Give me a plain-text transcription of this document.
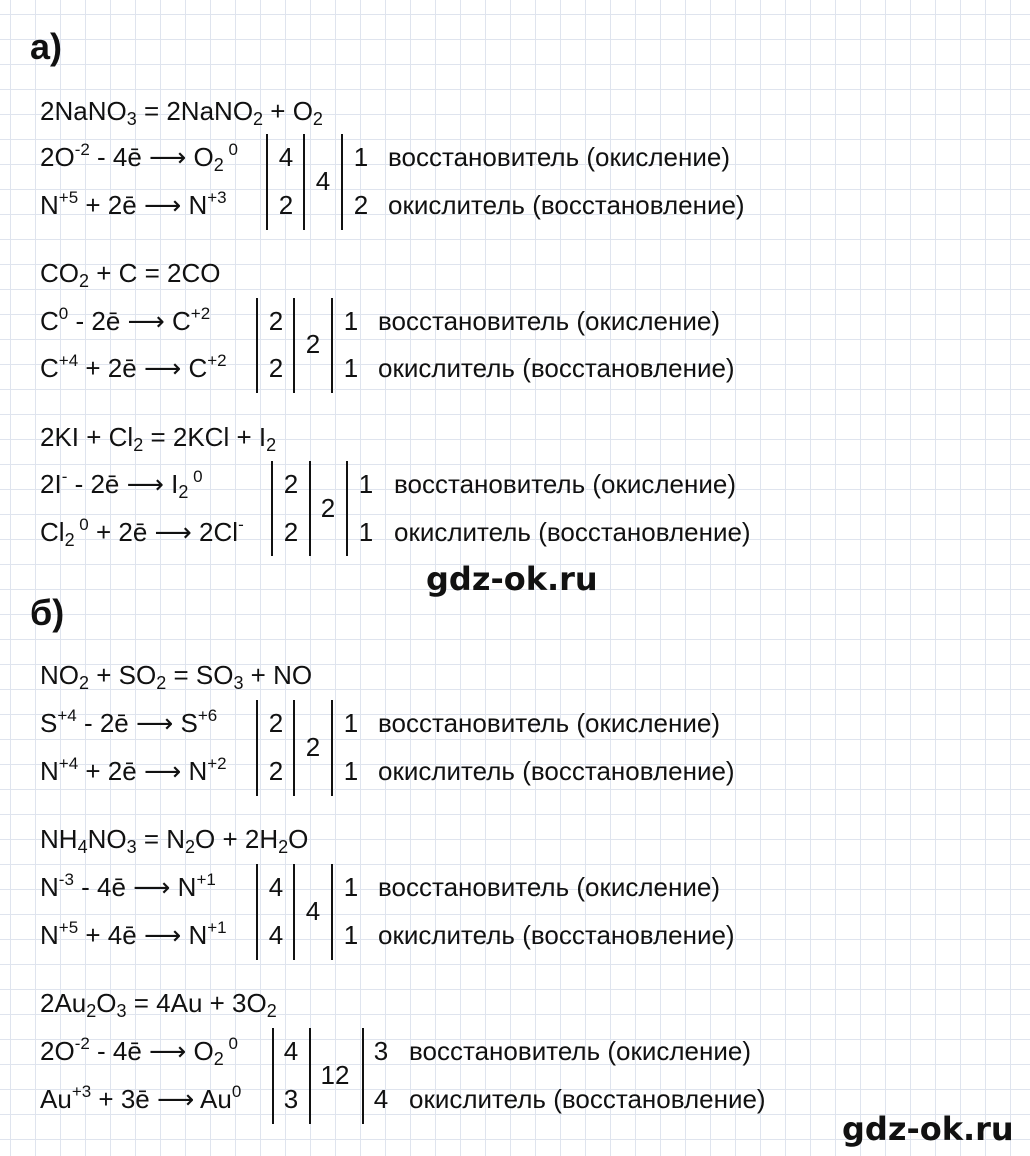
а)
б)
gdz-ok.ru
gdz-ok.ru
2NaNO$_3$ = 2NaNO$_2$ + $O_2$
$2O^{-2}$ - 4ē ⟶ $O_2$ $^0$
$N^{+5}$ + 2ē ⟶ $N^{+3}$
4
2
4
1
2
восстановитель (окисление)
окислитель (восстановление)
$CO_2 + C = 2CO$
$C^0$ - 2ē ⟶ $C^{+2}$
$C^{+4}$ + 2ē ⟶ $C^{+2}$
2
2
2
1
1
восстановитель (окисление)
окислитель (восстановление)
$2KI + Cl_2 = 2KCl + I_2$
2I- - 2ē ⟶ $I_2$ $^0$
$Cl_2$ $^0$ + 2ē ⟶ 2Cl-
2
2
2
1
1
восстановитель (окисление)
окислитель (восстановление)
$NO_2 + SO_2 = SO_3$ + NO
$S^{+4}$ - 2ē ⟶ $S^{+6}$
$N^{+4}$ + 2ē ⟶ $N^{+2}$
2
2
2
1
1
восстановитель (окисление)
окислитель (восстановление)
$NH_4NO_3 = N_2O + 2H_2O$
$N^{-3}$ - 4ē ⟶ $N^{+1}$
$N^{+5}$ + 4ē ⟶ $N^{+1}$
4
4
4
1
1
восстановитель (окисление)
окислитель (восстановление)
$2Au_2O_3 = 4Au + 3O_2$
$2O^{-2}$ - 4ē ⟶ $O_2$ $^0$
$Au^{+3}$ + 3ē ⟶ Au$^0$
4
3
12
3
4
восстановитель (окисление)
окислитель (восстановление)
